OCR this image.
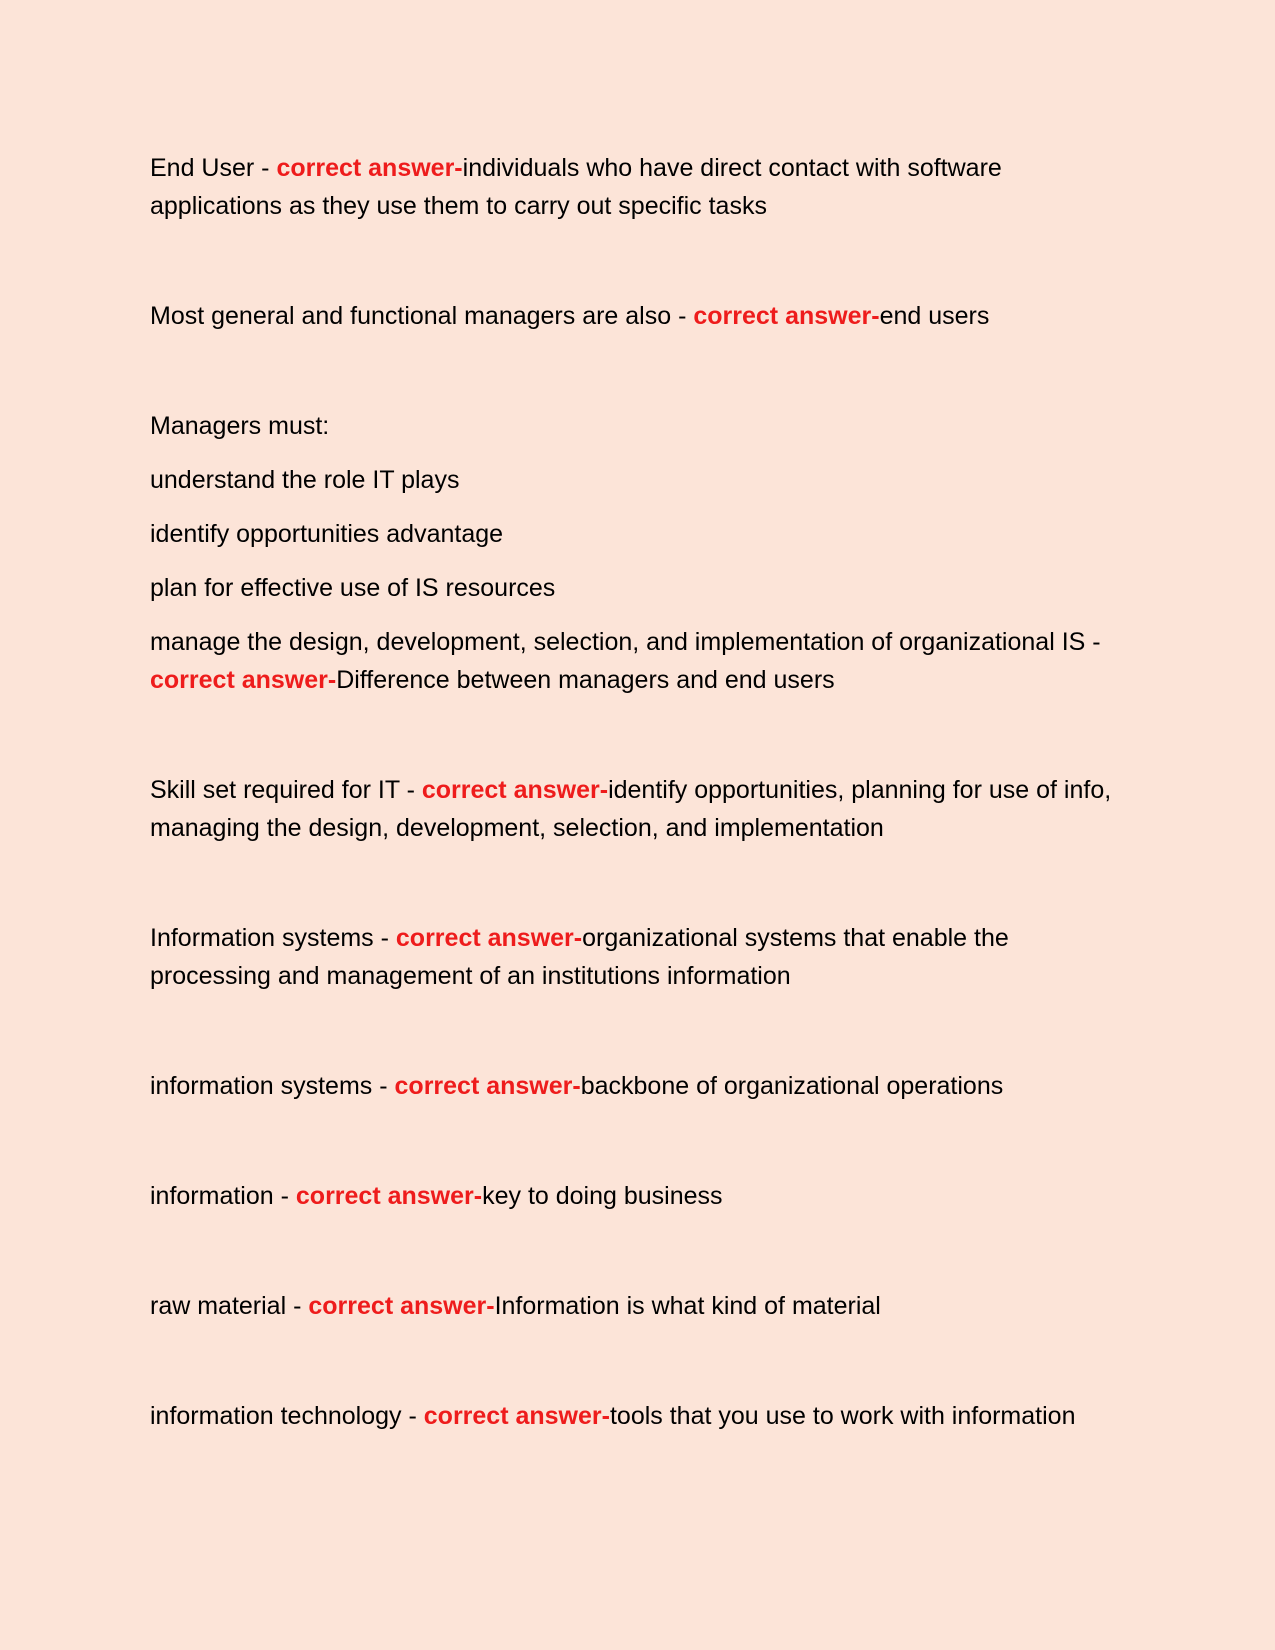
End User - correct answer-individuals who have direct contact with software applications as they use them to carry out specific tasks

Most general and functional managers are also - correct answer-end users

Managers must:

understand the role IT plays

identify opportunities advantage

plan for effective use of IS resources

manage the design, development, selection, and implementation of organizational IS - correct answer-Difference between managers and end users

Skill set required for IT - correct answer-identify opportunities, planning for use of info, managing the design, development, selection, and implementation

Information systems - correct answer-organizational systems that enable the processing and management of an institutions information

information systems - correct answer-backbone of organizational operations

information - correct answer-key to doing business

raw material - correct answer-Information is what kind of material

information technology - correct answer-tools that you use to work with information
